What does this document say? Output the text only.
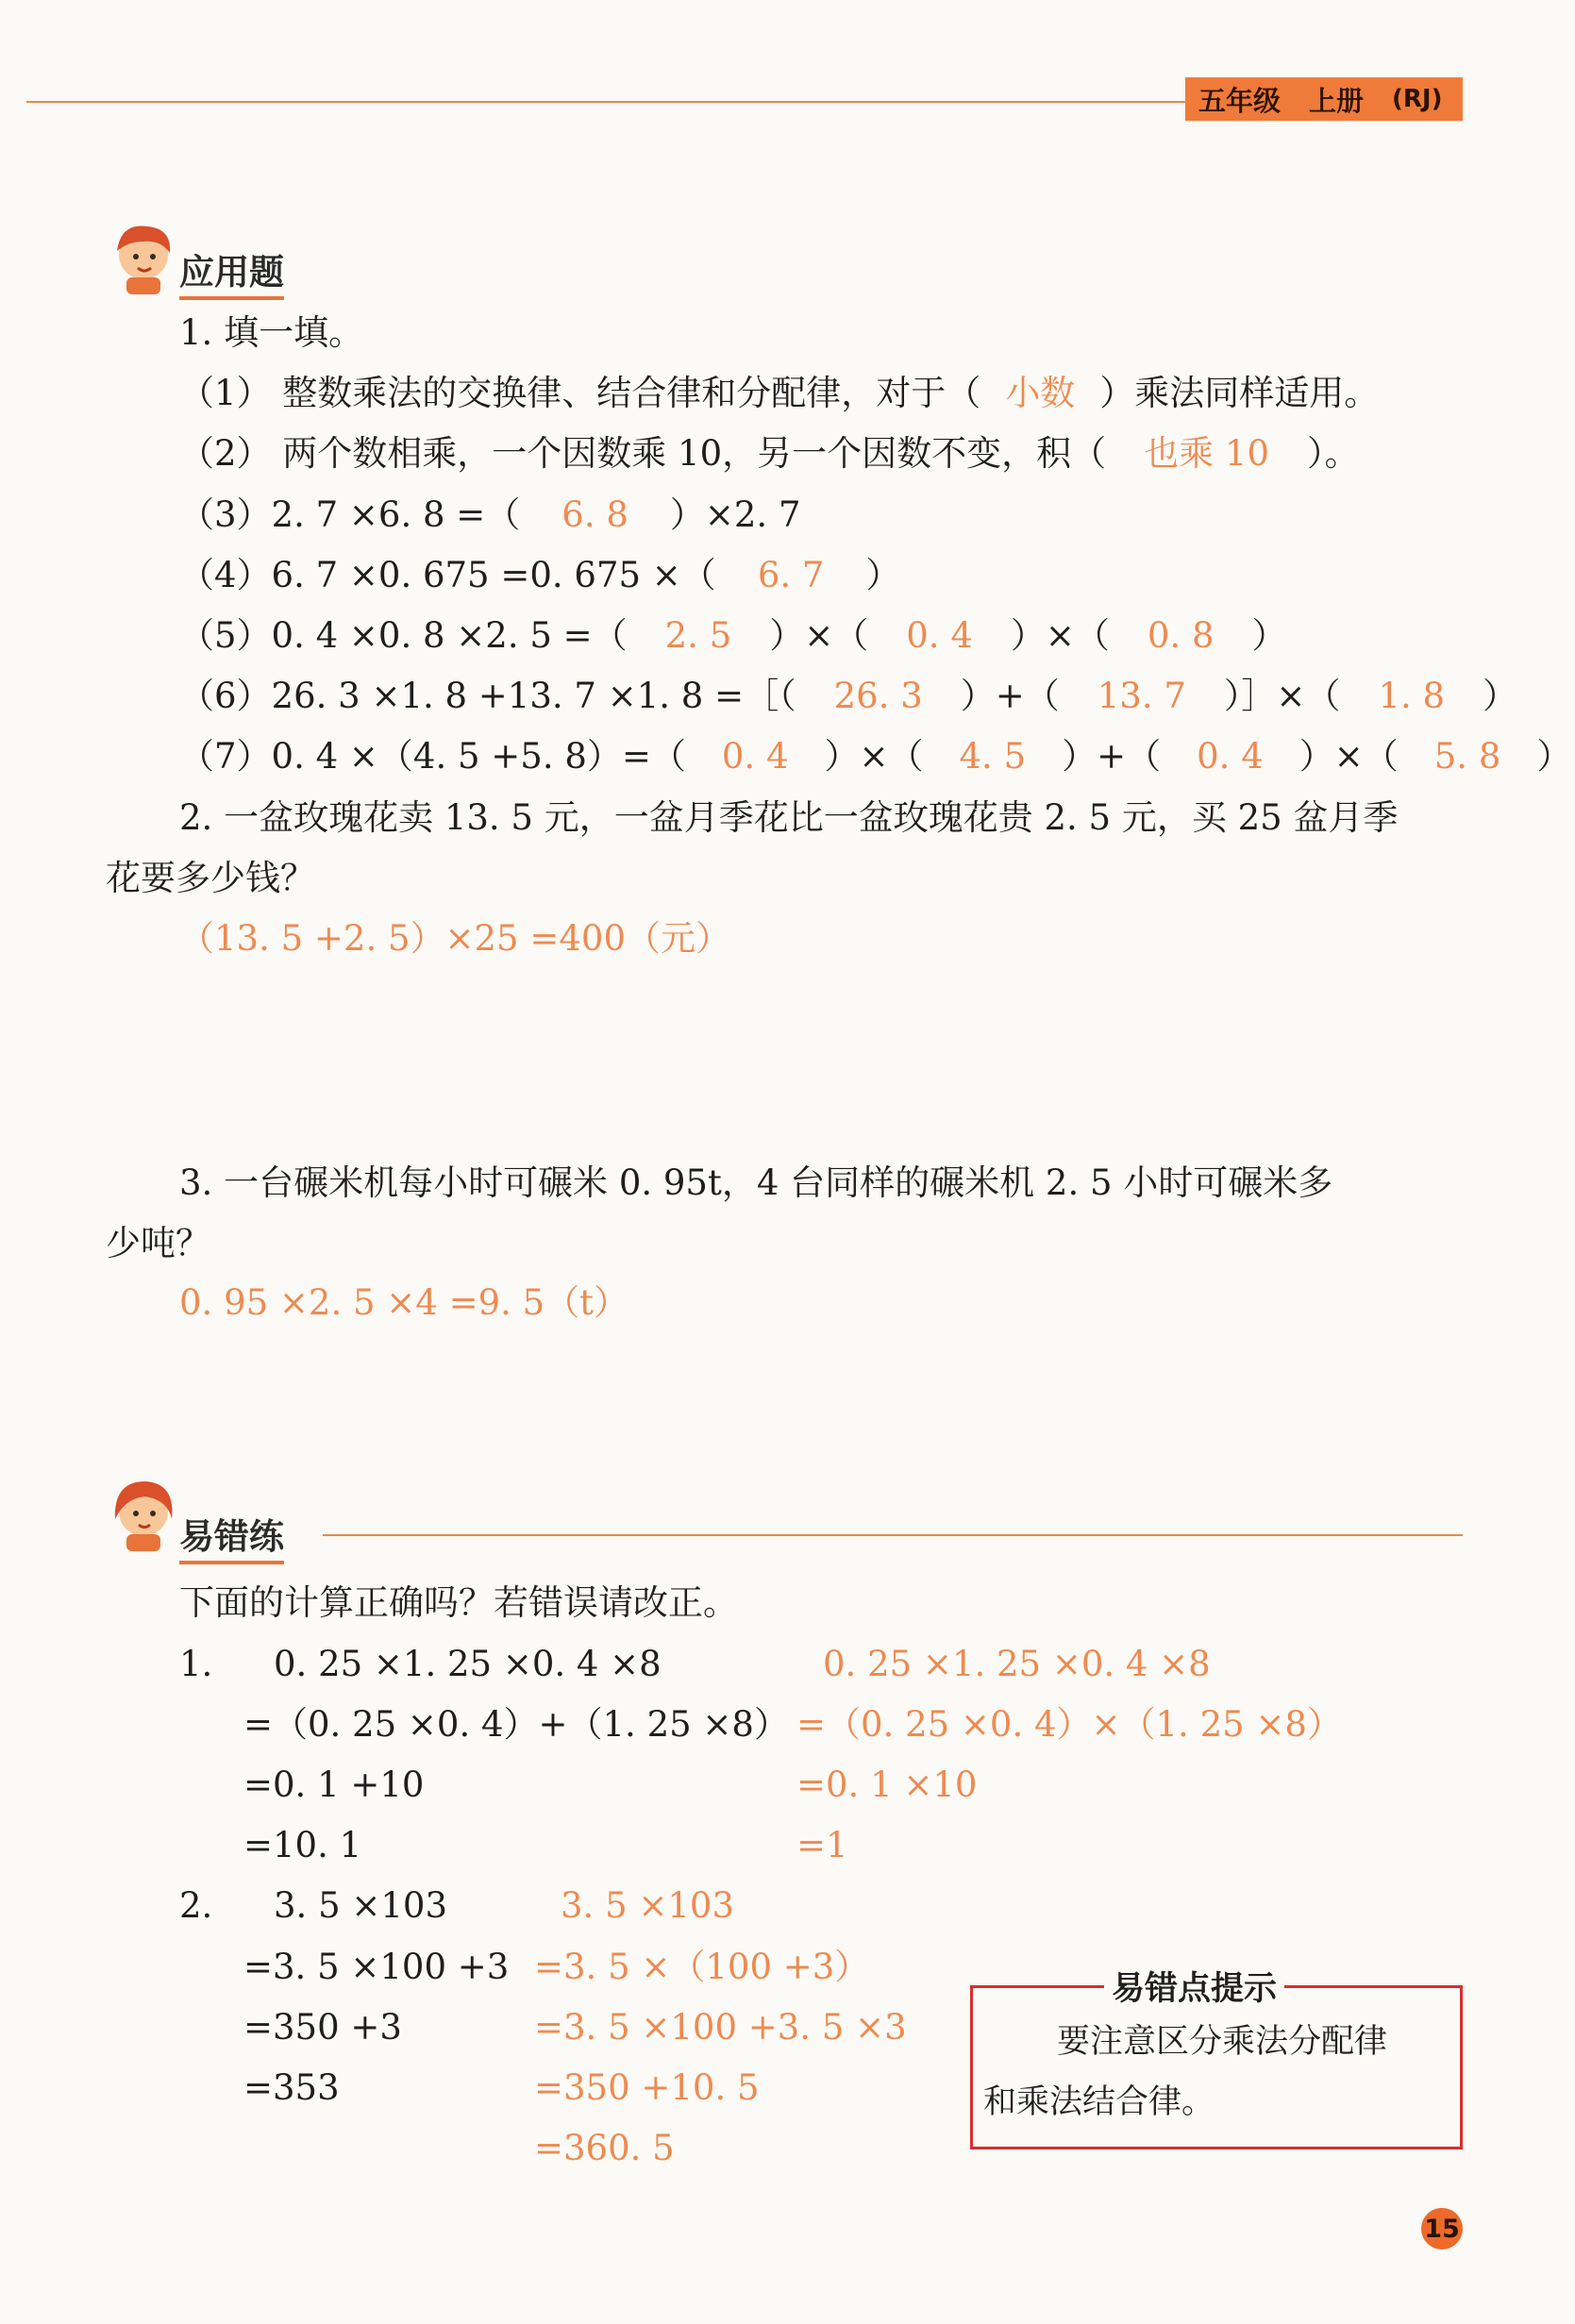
五年级 上册 (RJ)
应用题
1. 填一填。
（1） 整数乘法的交换律、结合律和分配律，对于（ 小数 ）乘法同样适用。
（2） 两个数相乘，一个因数乘 10，另一个因数不变，积（ 也乘 10 ）。
（3）2. 7 ×6. 8 =（ 6. 8 ）×2. 7
（4）6. 7 ×0. 675 =0. 675 ×（ 6. 7 ）
（5）0. 4 ×0. 8 ×2. 5 =（ 2. 5 ）×（ 0. 4 ）×（ 0. 8 ）
（6）26. 3 ×1. 8 +13. 7 ×1. 8 =［（ 26. 3 ）+（ 13. 7 ）］×（ 1. 8 ）
（7）0. 4 ×（4. 5 +5. 8）=（ 0. 4 ）×（ 4. 5 ）+（ 0. 4 ）×（ 5. 8 ）
2. 一盆玫瑰花卖 13. 5 元，一盆月季花比一盆玫瑰花贵 2. 5 元，买 25 盆月季
花要多少钱？
（13. 5 +2. 5）×25 =400（元）
3. 一台碾米机每小时可碾米 0. 95t，4 台同样的碾米机 2. 5 小时可碾米多
少吨？
0. 95 ×2. 5 ×4 =9. 5（t）
易错练
下面的计算正确吗？若错误请改正。
1. 0. 25 ×1. 25 ×0. 4 ×8
=（0. 25 ×0. 4）+（1. 25 ×8）
=0. 1 +10
=10. 1
0. 25 ×1. 25 ×0. 4 ×8
=（0. 25 ×0. 4）×（1. 25 ×8）
=0. 1 ×10
=1
2. 3. 5 ×103
=3. 5 ×100 +3
=350 +3
=353
3. 5 ×103
=3. 5 ×（100 +3）
=3. 5 ×100 +3. 5 ×3
=350 +10. 5
=360. 5
易错点提示
要注意区分乘法分配律
和乘法结合律。
15
